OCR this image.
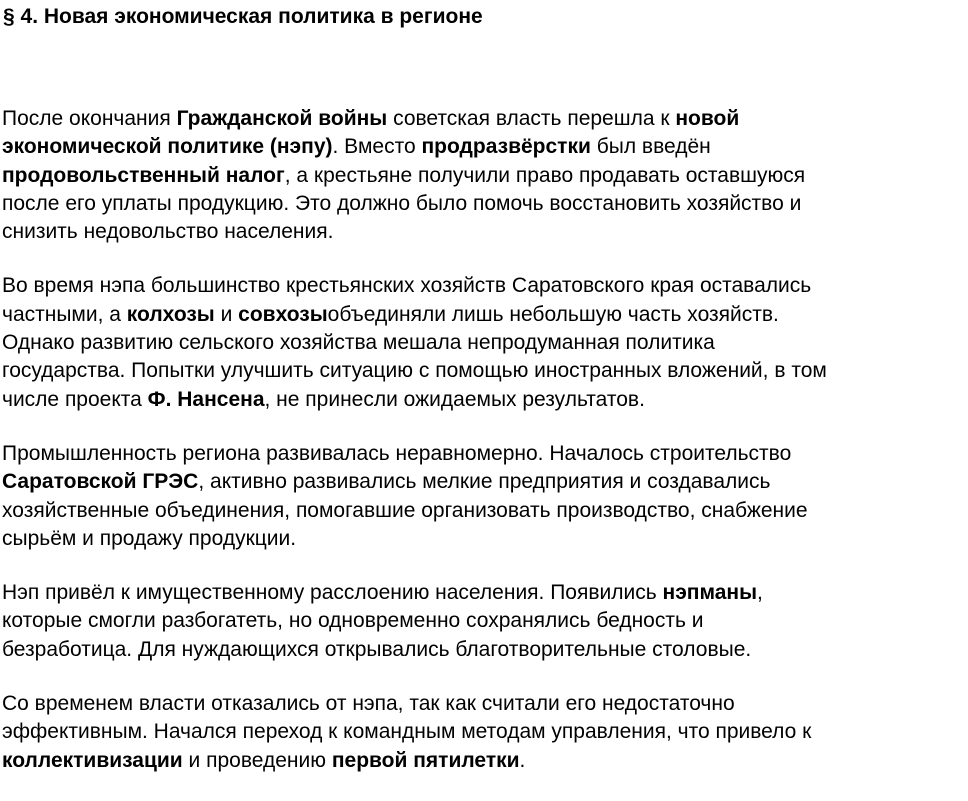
§ 4. Новая экономическая политика в регионе

После окончания Гражданской войны советская власть перешла к новой
экономической политике (нэпу). Вместо продразвёрстки был введён
продовольственный налог, а крестьяне получили право продавать оставшуюся
после его уплаты продукцию. Это должно было помочь восстановить хозяйство и
снизить недовольство населения.

Во время нэпа большинство крестьянских хозяйств Саратовского края оставались
частными, а колхозы и совхозыобъединяли лишь небольшую часть хозяйств.
Однако развитию сельского хозяйства мешала непродуманная политика
государства. Попытки улучшить ситуацию с помощью иностранных вложений, в том
числе проекта Ф. Нансена, не принесли ожидаемых результатов.

Промышленность региона развивалась неравномерно. Началось строительство
Саратовской ГРЭС, активно развивались мелкие предприятия и создавались
хозяйственные объединения, помогавшие организовать производство, снабжение
сырьём и продажу продукции.

Нэп привёл к имущественному расслоению населения. Появились нэпманы,
которые смогли разбогатеть, но одновременно сохранялись бедность и
безработица. Для нуждающихся открывались благотворительные столовые.

Со временем власти отказались от нэпа, так как считали его недостаточно
эффективным. Начался переход к командным методам управления, что привело к
коллективизации и проведению первой пятилетки.
